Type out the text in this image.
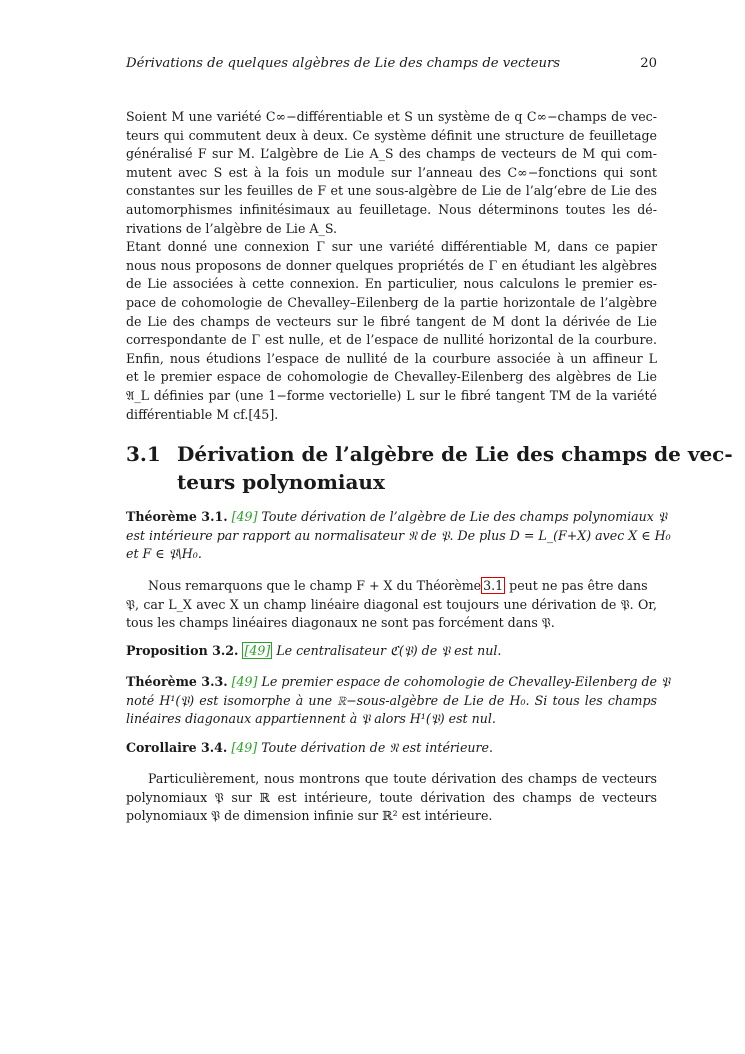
Dérivations de quelques algèbres de Lie des champs de vecteurs	20
Soient M une variété C∞−différentiable et S un système de q C∞−champs de vec-
teurs qui commutent deux à deux. Ce système définit une structure de feuilletage
généralisé F sur M. L’algèbre de Lie A_S des champs de vecteurs de M qui com-
mutent avec S est à la fois un module sur l’anneau des C∞−fonctions qui sont
constantes sur les feuilles de F et une sous-algèbre de Lie de l’alg‘ebre de Lie des
automorphismes infinitésimaux au feuilletage. Nous déterminons toutes les dé-
rivations de l’algèbre de Lie A_S.
Etant donné une connexion Γ sur une variété différentiable M, dans ce papier
nous nous proposons de donner quelques propriétés de Γ en étudiant les algèbres
de Lie associées à cette connexion. En particulier, nous calculons le premier es-
pace de cohomologie de Chevalley–Eilenberg de la partie horizontale de l’algèbre
de Lie des champs de vecteurs sur le fibré tangent de M dont la dérivée de Lie
correspondante de Γ est nulle, et de l’espace de nullité horizontal de la courbure.
Enfin, nous étudions l’espace de nullité de la courbure associée à un affineur L
et le premier espace de cohomologie de Chevalley-Eilenberg des algèbres de Lie
𝔄_L définies par (une 1−forme vectorielle) L sur le fibré tangent TM de la variété
différentiable M cf.[45].
3.1 Dérivation de l’algèbre de Lie des champs de vec-
teurs polynomiaux
Théorème 3.1. [49] Toute dérivation de l’algèbre de Lie des champs polynomiaux 𝔓
est intérieure par rapport au normalisateur 𝔑 de 𝔓. De plus D = L_(F+X) avec X ∈ H₀
et F ∈ 𝔓\H₀.
Nous remarquons que le champ F + X du Théorème 3.1 peut ne pas être dans
𝔓, car L_X avec X un champ linéaire diagonal est toujours une dérivation de 𝔓. Or,
tous les champs linéaires diagonaux ne sont pas forcément dans 𝔓.
Proposition 3.2. [49] Le centralisateur ℭ(𝔓) de 𝔓 est nul.
Théorème 3.3. [49] Le premier espace de cohomologie de Chevalley-Eilenberg de 𝔓
noté H¹(𝔓) est isomorphe à une ℝ−sous-algèbre de Lie de H₀. Si tous les champs
linéaires diagonaux appartiennent à 𝔓 alors H¹(𝔓) est nul.
Corollaire 3.4. [49] Toute dérivation de 𝔑 est intérieure.
Particulièrement, nous montrons que toute dérivation des champs de vecteurs
polynomiaux 𝔓 sur ℝ est intérieure, toute dérivation des champs de vecteurs
polynomiaux 𝔓 de dimension infinie sur ℝ² est intérieure.
